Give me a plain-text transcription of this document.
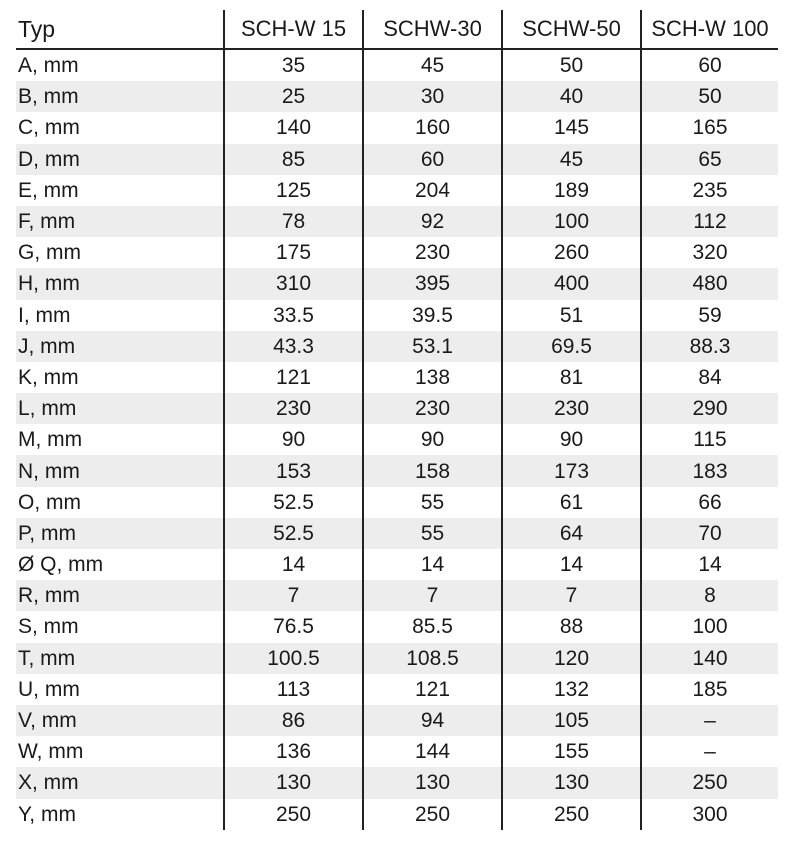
Typ	SCH-W 15	SCHW-30	SCHW-50	SCH-W 100
A, mm	35	45	50	60
B, mm	25	30	40	50
C, mm	140	160	145	165
D, mm	85	60	45	65
E, mm	125	204	189	235
F, mm	78	92	100	112
G, mm	175	230	260	320
H, mm	310	395	400	480
I, mm	33.5	39.5	51	59
J, mm	43.3	53.1	69.5	88.3
K, mm	121	138	81	84
L, mm	230	230	230	290
M, mm	90	90	90	115
N, mm	153	158	173	183
O, mm	52.5	55	61	66
P, mm	52.5	55	64	70
Ø Q, mm	14	14	14	14
R, mm	7	7	7	8
S, mm	76.5	85.5	88	100
T, mm	100.5	108.5	120	140
U, mm	113	121	132	185
V, mm	86	94	105	–
W, mm	136	144	155	–
X, mm	130	130	130	250
Y, mm	250	250	250	300
